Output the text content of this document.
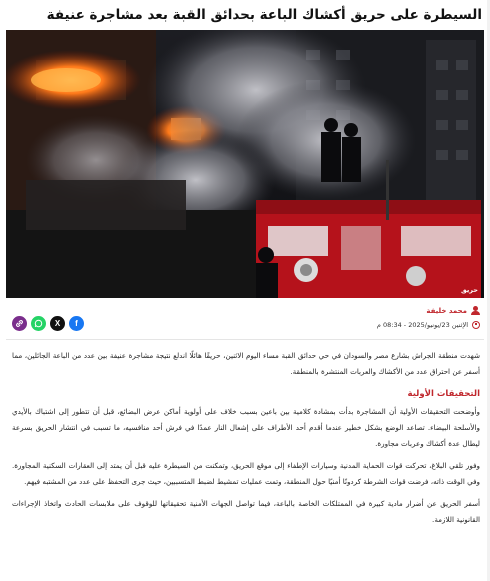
السيطرة على حريق أكشاك الباعة بحدائق القبة بعد مشاجرة عنيفة
حريق
محمد خليفة
الإثنين 23/يونيو/2025 - 08:34 م
X	f

شهدت منطقة الجراش بشارع مصر والسودان في حي حدائق القبة مساء اليوم الاثنين، حريقًا هائلًا اندلع نتيجة مشاجرة عنيفة بين عدد من الباعة الجائلين، مما أسفر عن احتراق عدد من الأكشاك والعربات المنتشرة بالمنطقة.

التحقيقات الأولية

وأوضحت التحقيقات الأولية أن المشاجرة بدأت بمشادة كلامية بين باعين بسبب خلاف على أولوية أماكن عرض البضائع، قبل أن تتطور إلى اشتباك بالأيدي والأسلحة البيضاء. تصاعد الوضع بشكل خطير عندما أقدم أحد الأطراف على إشعال النار عمدًا في فرش أحد منافسيه، ما تسبب في انتشار الحريق بسرعة ليطال عدة أكشاك وعربات مجاورة.

وفور تلقي البلاغ، تحركت قوات الحماية المدنية وسيارات الإطفاء إلى موقع الحريق، وتمكنت من السيطرة عليه قبل أن يمتد إلى العقارات السكنية المجاورة. وفي الوقت ذاته، فرضت قوات الشرطة كردونًا أمنيًا حول المنطقة، وتمت عمليات تمشيط لضبط المتسببين، حيث جرى التحفظ على عدد من المشتبه فيهم.

أسفر الحريق عن أضرار مادية كبيرة في الممتلكات الخاصة بالباعة، فيما تواصل الجهات الأمنية تحقيقاتها للوقوف على ملابسات الحادث واتخاذ الإجراءات القانونية اللازمة.
